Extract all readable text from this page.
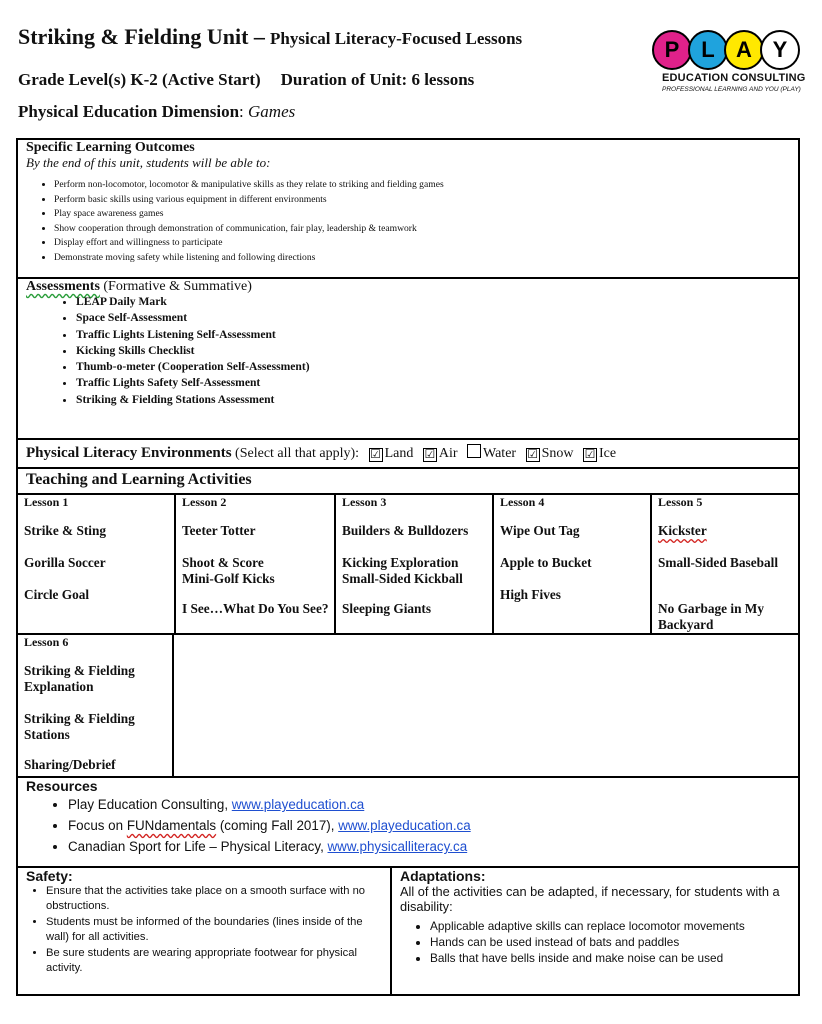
Striking & Fielding Unit – Physical Literacy-Focused Lessons
Grade Level(s) K-2 (Active Start) Duration of Unit: 6 lessons
Physical Education Dimension: Games
P L A Y
EDUCATION CONSULTING
PROFESSIONAL LEARNING AND YOU (PLAY)
Specific Learning Outcomes
By the end of this unit, students will be able to:
• Perform non-locomotor, locomotor & manipulative skills as they relate to striking and fielding games
• Perform basic skills using various equipment in different environments
• Play space awareness games
• Show cooperation through demonstration of communication, fair play, leadership & teamwork
• Display effort and willingness to participate
• Demonstrate moving safety while listening and following directions
Assessments (Formative & Summative)
• LEAP Daily Mark
• Space Self-Assessment
• Traffic Lights Listening Self-Assessment
• Kicking Skills Checklist
• Thumb-o-meter (Cooperation Self-Assessment)
• Traffic Lights Safety Self-Assessment
• Striking & Fielding Stations Assessment
Physical Literacy Environments (Select all that apply): ☑ Land ☑ Air Water ☑ Snow ☑ Ice
Teaching and Learning Activities
Lesson 1
Strike & Sting
Gorilla Soccer
Circle Goal
Lesson 2
Teeter Totter
Shoot & Score
Mini-Golf Kicks
I See…What Do You See?
Lesson 3
Builders & Bulldozers
Kicking Exploration
Small-Sided Kickball
Sleeping Giants
Lesson 4
Wipe Out Tag
Apple to Bucket
High Fives
Lesson 5
Kickster
Small-Sided Baseball
No Garbage in My Backyard
Lesson 6
Striking & Fielding Explanation
Striking & Fielding Stations
Sharing/Debrief
Resources
• Play Education Consulting, www.playeducation.ca
• Focus on FUNdamentals (coming Fall 2017), www.playeducation.ca
• Canadian Sport for Life – Physical Literacy, www.physicalliteracy.ca
Safety:
• Ensure that the activities take place on a smooth surface with no obstructions.
• Students must be informed of the boundaries (lines inside of the wall) for all activities.
• Be sure students are wearing appropriate footwear for physical activity.
Adaptations:
All of the activities can be adapted, if necessary, for students with a disability:
• Applicable adaptive skills can replace locomotor movements
• Hands can be used instead of bats and paddles
• Balls that have bells inside and make noise can be used
